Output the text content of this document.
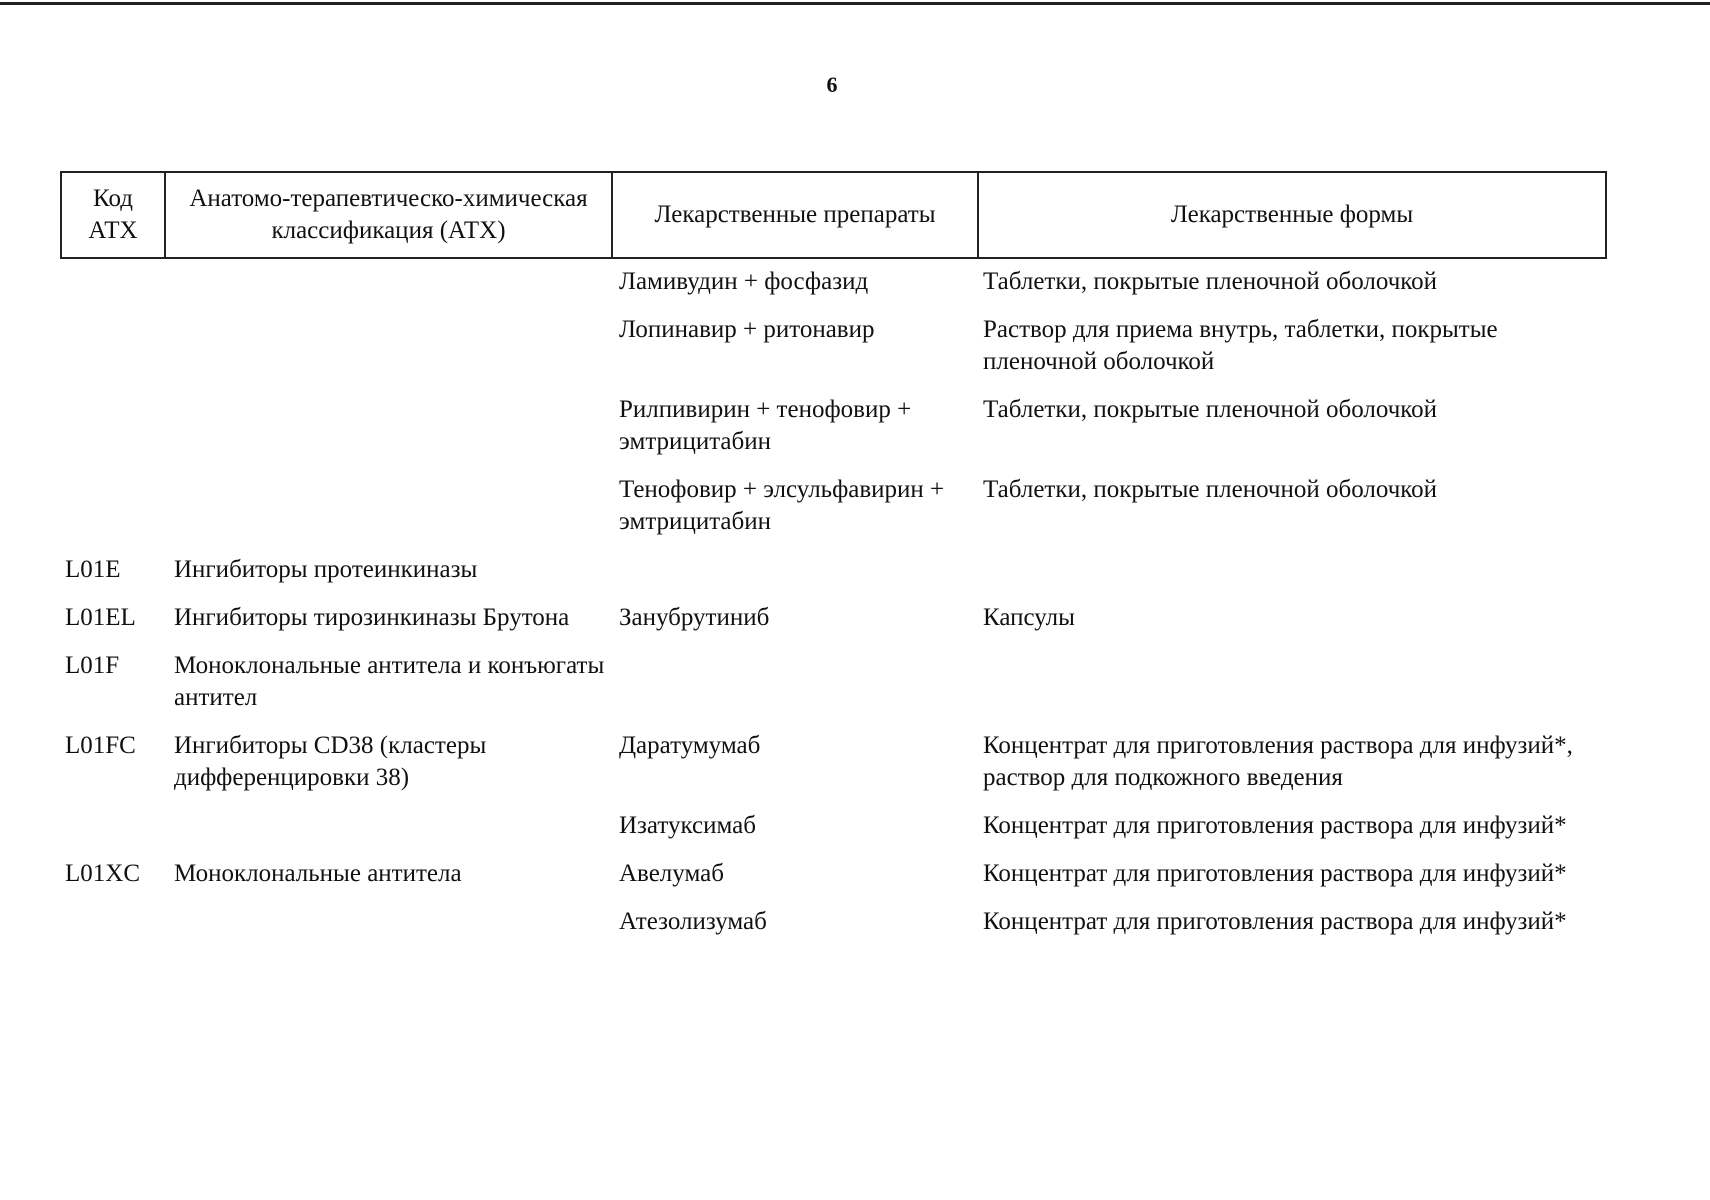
6
Код АТХ	Анатомо-терапевтическо-химическая классификация (АТХ)	Лекарственные препараты	Лекарственные формы
		Ламивудин + фосфазид	Таблетки, покрытые пленочной оболочкой
		Лопинавир + ритонавир	Раствор для приема внутрь, таблетки, покрытые пленочной оболочкой
		Рилпивирин + тенофовир + эмтрицитабин	Таблетки, покрытые пленочной оболочкой
		Тенофовир + элсульфавирин + эмтрицитабин	Таблетки, покрытые пленочной оболочкой
L01E	Ингибиторы протеинкиназы		
L01EL	Ингибиторы тирозинкиназы Брутона	Занубрутиниб	Капсулы
L01F	Моноклональные антитела и конъюгаты антител		
L01FC	Ингибиторы CD38 (кластеры дифференцировки 38)	Даратумумаб	Концентрат для приготовления раствора для инфузий*, раствор для подкожного введения
		Изатуксимаб	Концентрат для приготовления раствора для инфузий*
L01XC	Моноклональные антитела	Авелумаб	Концентрат для приготовления раствора для инфузий*
		Атезолизумаб	Концентрат для приготовления раствора для инфузий*
